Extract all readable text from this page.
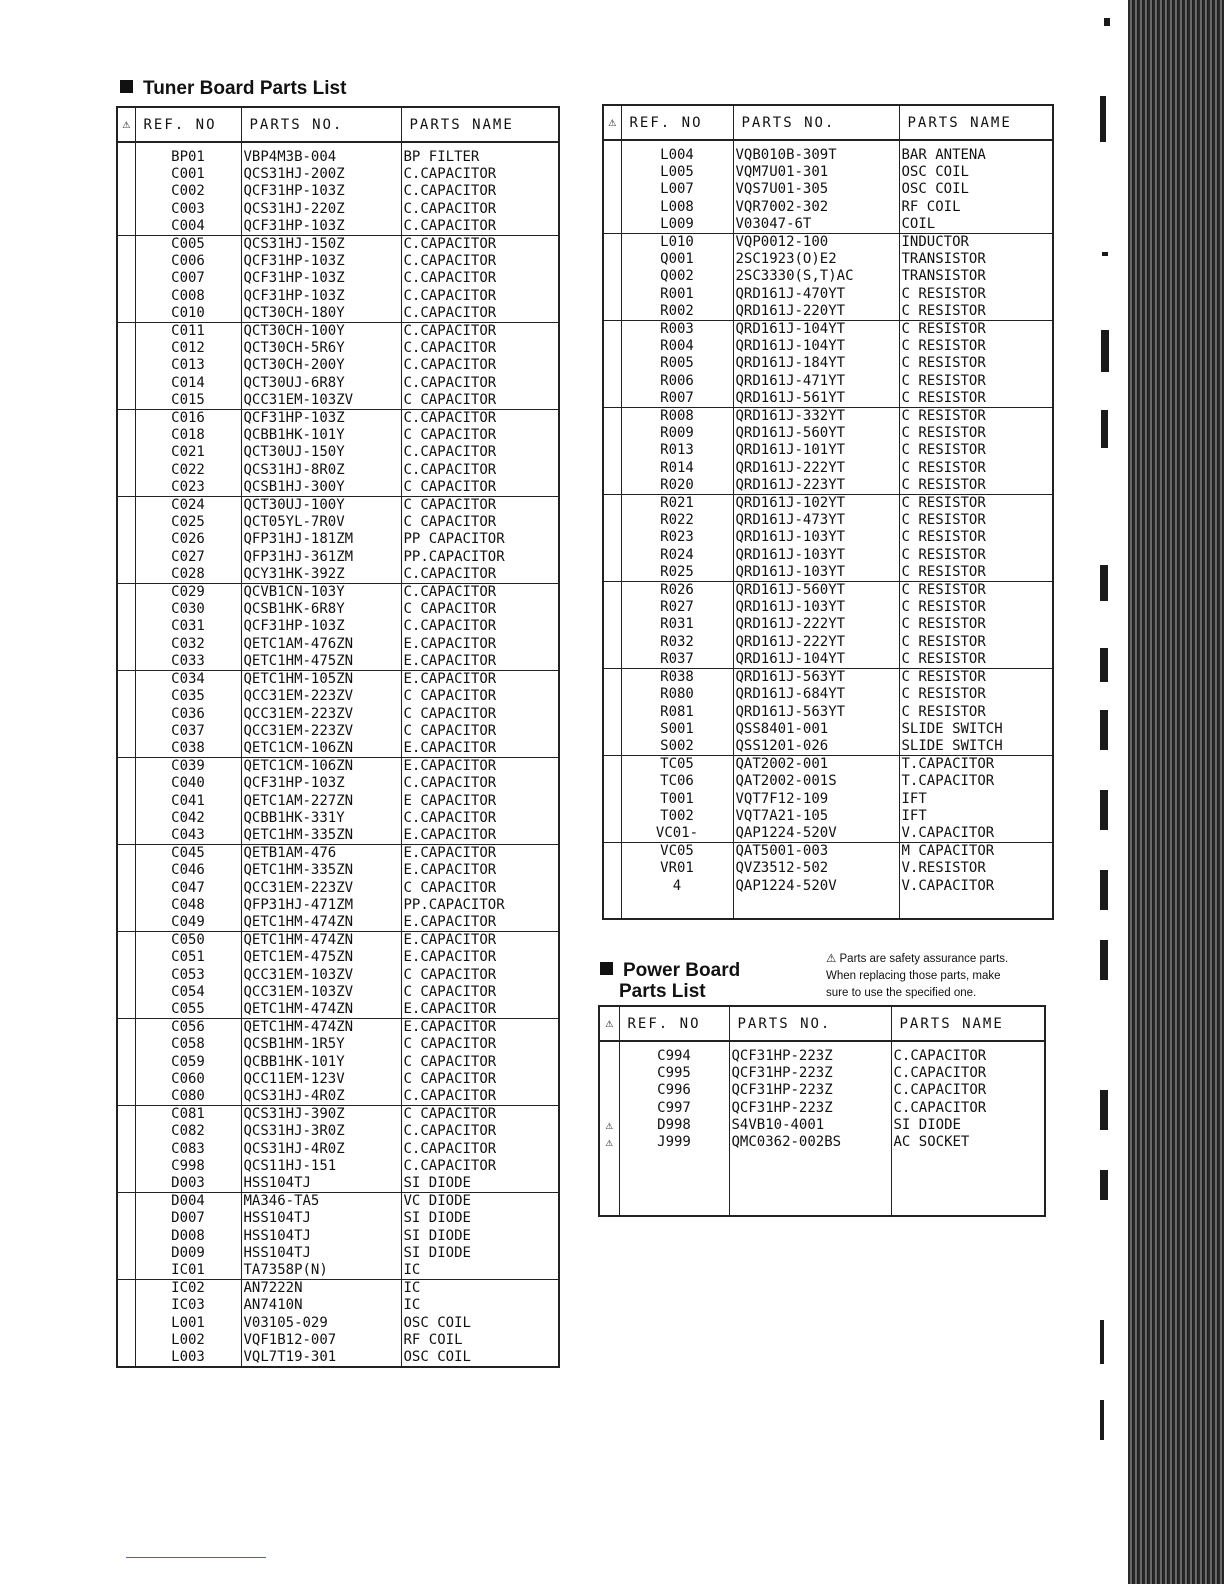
Tuner Board Parts List
⚠	REF. NO	PARTS NO.	PARTS NAME
	BP01	VBP4M3B-004	BP FILTER
	C001	QCS31HJ-200Z	C.CAPACITOR
	C002	QCF31HP-103Z	C.CAPACITOR
	C003	QCS31HJ-220Z	C.CAPACITOR
	C004	QCF31HP-103Z	C.CAPACITOR
	C005	QCS31HJ-150Z	C.CAPACITOR
	C006	QCF31HP-103Z	C.CAPACITOR
	C007	QCF31HP-103Z	C.CAPACITOR
	C008	QCF31HP-103Z	C.CAPACITOR
	C010	QCT30CH-180Y	C.CAPACITOR
	C011	QCT30CH-100Y	C.CAPACITOR
	C012	QCT30CH-5R6Y	C.CAPACITOR
	C013	QCT30CH-200Y	C.CAPACITOR
	C014	QCT30UJ-6R8Y	C.CAPACITOR
	C015	QCC31EM-103ZV	C CAPACITOR
	C016	QCF31HP-103Z	C.CAPACITOR
	C018	QCBB1HK-101Y	C CAPACITOR
	C021	QCT30UJ-150Y	C.CAPACITOR
	C022	QCS31HJ-8R0Z	C.CAPACITOR
	C023	QCSB1HJ-300Y	C CAPACITOR
	C024	QCT30UJ-100Y	C CAPACITOR
	C025	QCT05YL-7R0V	C CAPACITOR
	C026	QFP31HJ-181ZM	PP CAPACITOR
	C027	QFP31HJ-361ZM	PP.CAPACITOR
	C028	QCY31HK-392Z	C.CAPACITOR
	C029	QCVB1CN-103Y	C.CAPACITOR
	C030	QCSB1HK-6R8Y	C CAPACITOR
	C031	QCF31HP-103Z	C.CAPACITOR
	C032	QETC1AM-476ZN	E.CAPACITOR
	C033	QETC1HM-475ZN	E.CAPACITOR
	C034	QETC1HM-105ZN	E.CAPACITOR
	C035	QCC31EM-223ZV	C CAPACITOR
	C036	QCC31EM-223ZV	C CAPACITOR
	C037	QCC31EM-223ZV	C CAPACITOR
	C038	QETC1CM-106ZN	E.CAPACITOR
	C039	QETC1CM-106ZN	E.CAPACITOR
	C040	QCF31HP-103Z	C.CAPACITOR
	C041	QETC1AM-227ZN	E CAPACITOR
	C042	QCBB1HK-331Y	C.CAPACITOR
	C043	QETC1HM-335ZN	E.CAPACITOR
	C045	QETB1AM-476	E.CAPACITOR
	C046	QETC1HM-335ZN	E.CAPACITOR
	C047	QCC31EM-223ZV	C CAPACITOR
	C048	QFP31HJ-471ZM	PP.CAPACITOR
	C049	QETC1HM-474ZN	E.CAPACITOR
	C050	QETC1HM-474ZN	E.CAPACITOR
	C051	QETC1EM-475ZN	E.CAPACITOR
	C053	QCC31EM-103ZV	C CAPACITOR
	C054	QCC31EM-103ZV	C CAPACITOR
	C055	QETC1HM-474ZN	E.CAPACITOR
	C056	QETC1HM-474ZN	E.CAPACITOR
	C058	QCSB1HM-1R5Y	C CAPACITOR
	C059	QCBB1HK-101Y	C CAPACITOR
	C060	QCC11EM-123V	C CAPACITOR
	C080	QCS31HJ-4R0Z	C.CAPACITOR
	C081	QCS31HJ-390Z	C CAPACITOR
	C082	QCS31HJ-3R0Z	C.CAPACITOR
	C083	QCS31HJ-4R0Z	C.CAPACITOR
	C998	QCS11HJ-151	C.CAPACITOR
	D003	HSS104TJ	SI DIODE
	D004	MA346-TA5	VC DIODE
	D007	HSS104TJ	SI DIODE
	D008	HSS104TJ	SI DIODE
	D009	HSS104TJ	SI DIODE
	IC01	TA7358P(N)	IC
	IC02	AN7222N	IC
	IC03	AN7410N	IC
	L001	V03105-029	OSC COIL
	L002	VQF1B12-007	RF COIL
	L003	VQL7T19-301	OSC COIL
⚠	REF. NO	PARTS NO.	PARTS NAME
	L004	VQB010B-309T	BAR ANTENA
	L005	VQM7U01-301	OSC COIL
	L007	VQS7U01-305	OSC COIL
	L008	VQR7002-302	RF COIL
	L009	V03047-6T	COIL
	L010	VQP0012-100	INDUCTOR
	Q001	2SC1923(O)E2	TRANSISTOR
	Q002	2SC3330(S,T)AC	TRANSISTOR
	R001	QRD161J-470YT	C RESISTOR
	R002	QRD161J-220YT	C RESISTOR
	R003	QRD161J-104YT	C RESISTOR
	R004	QRD161J-104YT	C RESISTOR
	R005	QRD161J-184YT	C RESISTOR
	R006	QRD161J-471YT	C RESISTOR
	R007	QRD161J-561YT	C RESISTOR
	R008	QRD161J-332YT	C RESISTOR
	R009	QRD161J-560YT	C RESISTOR
	R013	QRD161J-101YT	C RESISTOR
	R014	QRD161J-222YT	C RESISTOR
	R020	QRD161J-223YT	C RESISTOR
	R021	QRD161J-102YT	C RESISTOR
	R022	QRD161J-473YT	C RESISTOR
	R023	QRD161J-103YT	C RESISTOR
	R024	QRD161J-103YT	C RESISTOR
	R025	QRD161J-103YT	C RESISTOR
	R026	QRD161J-560YT	C RESISTOR
	R027	QRD161J-103YT	C RESISTOR
	R031	QRD161J-222YT	C RESISTOR
	R032	QRD161J-222YT	C RESISTOR
	R037	QRD161J-104YT	C RESISTOR
	R038	QRD161J-563YT	C RESISTOR
	R080	QRD161J-684YT	C RESISTOR
	R081	QRD161J-563YT	C RESISTOR
	S001	QSS8401-001	SLIDE SWITCH
	S002	QSS1201-026	SLIDE SWITCH
	TC05	QAT2002-001	T.CAPACITOR
	TC06	QAT2002-001S	T.CAPACITOR
	T001	VQT7F12-109	IFT
	T002	VQT7A21-105	IFT
	VC01-	QAP1224-520V	V.CAPACITOR
	VC05	QAT5001-003	M CAPACITOR
	VR01	QVZ3512-502	V.RESISTOR
	4	QAP1224-520V	V.CAPACITOR

Power Board
Parts List
⚠ Parts are safety assurance parts.
When replacing those parts, make
sure to use the specified one.
⚠	REF. NO	PARTS NO.	PARTS NAME
	C994	QCF31HP-223Z	C.CAPACITOR
	C995	QCF31HP-223Z	C.CAPACITOR
	C996	QCF31HP-223Z	C.CAPACITOR
	C997	QCF31HP-223Z	C.CAPACITOR
⚠	D998	S4VB10-4001	SI DIODE
⚠	J999	QMC0362-002BS	AC SOCKET
